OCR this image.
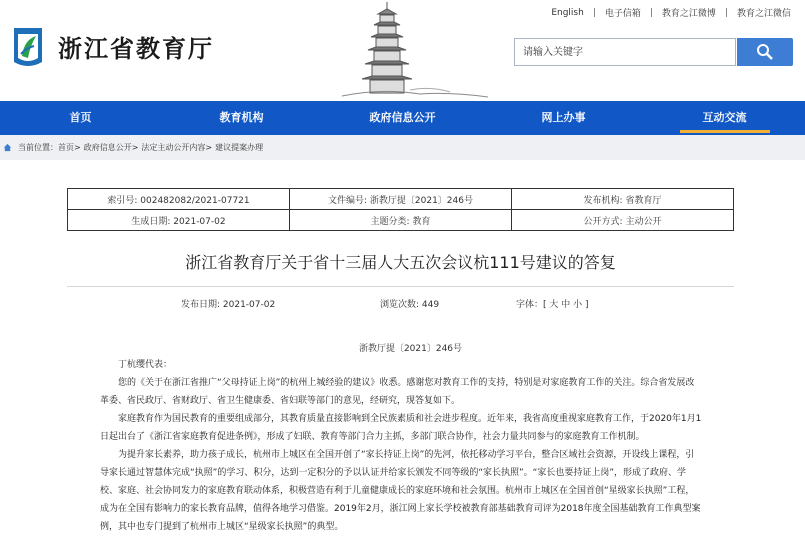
浙江省教育厅
English | 电子信箱 | 教育之江微博 | 教育之江微信
请输入关键字
首页	教育机构	政府信息公开	网上办事	互动交流
当前位置： 首页> 政府信息公开> 法定主动公开内容> 建议提案办理
索引号: 002482082/2021-07721	文件编号: 浙教厅提〔2021〕246号	发布机构: 省教育厅
生成日期: 2021-07-02	主题分类: 教育	公开方式: 主动公开
浙江省教育厅关于省十三届人大五次会议杭111号建议的答复
发布日期: 2021-07-02	浏览次数: 449	字体：[ 大 中 小 ]
浙教厅提〔2021〕246号

丁杭缨代表：

您的《关于在浙江省推广“父母持证上岗”的杭州上城经验的建议》收悉。感谢您对教育工作的支持，特别是对家庭教育工作的关注。综合省发展改革委、省民政厅、省财政厅、省卫生健康委、省妇联等部门的意见，经研究，现答复如下。

家庭教育作为国民教育的重要组成部分，其教育质量直接影响到全民族素质和社会进步程度。近年来，我省高度重视家庭教育工作，于2020年1月1日起出台了《浙江省家庭教育促进条例》，形成了妇联、教育等部门合力主抓，多部门联合协作，社会力量共同参与的家庭教育工作机制。

为提升家长素养，助力孩子成长，杭州市上城区在全国开创了“家长持证上岗”的先河，依托移动学习平台，整合区域社会资源，开设线上课程，引导家长通过智慧体完成“执照”的学习、积分，达到一定积分的予以认证并给家长颁发不同等级的“家长执照”。“家长也要持证上岗”，形成了政府、学校、家庭、社会协同发力的家庭教育联动体系，积极营造有利于儿童健康成长的家庭环境和社会氛围。杭州市上城区在全国首创“星级家长执照”工程，成为在全国有影响力的家长教育品牌，值得各地学习借鉴。2019年2月，浙江网上家长学校被教育部基础教育司评为2018年度全国基础教育工作典型案例，其中也专门提到了杭州市上城区“星级家长执照”的典型。
